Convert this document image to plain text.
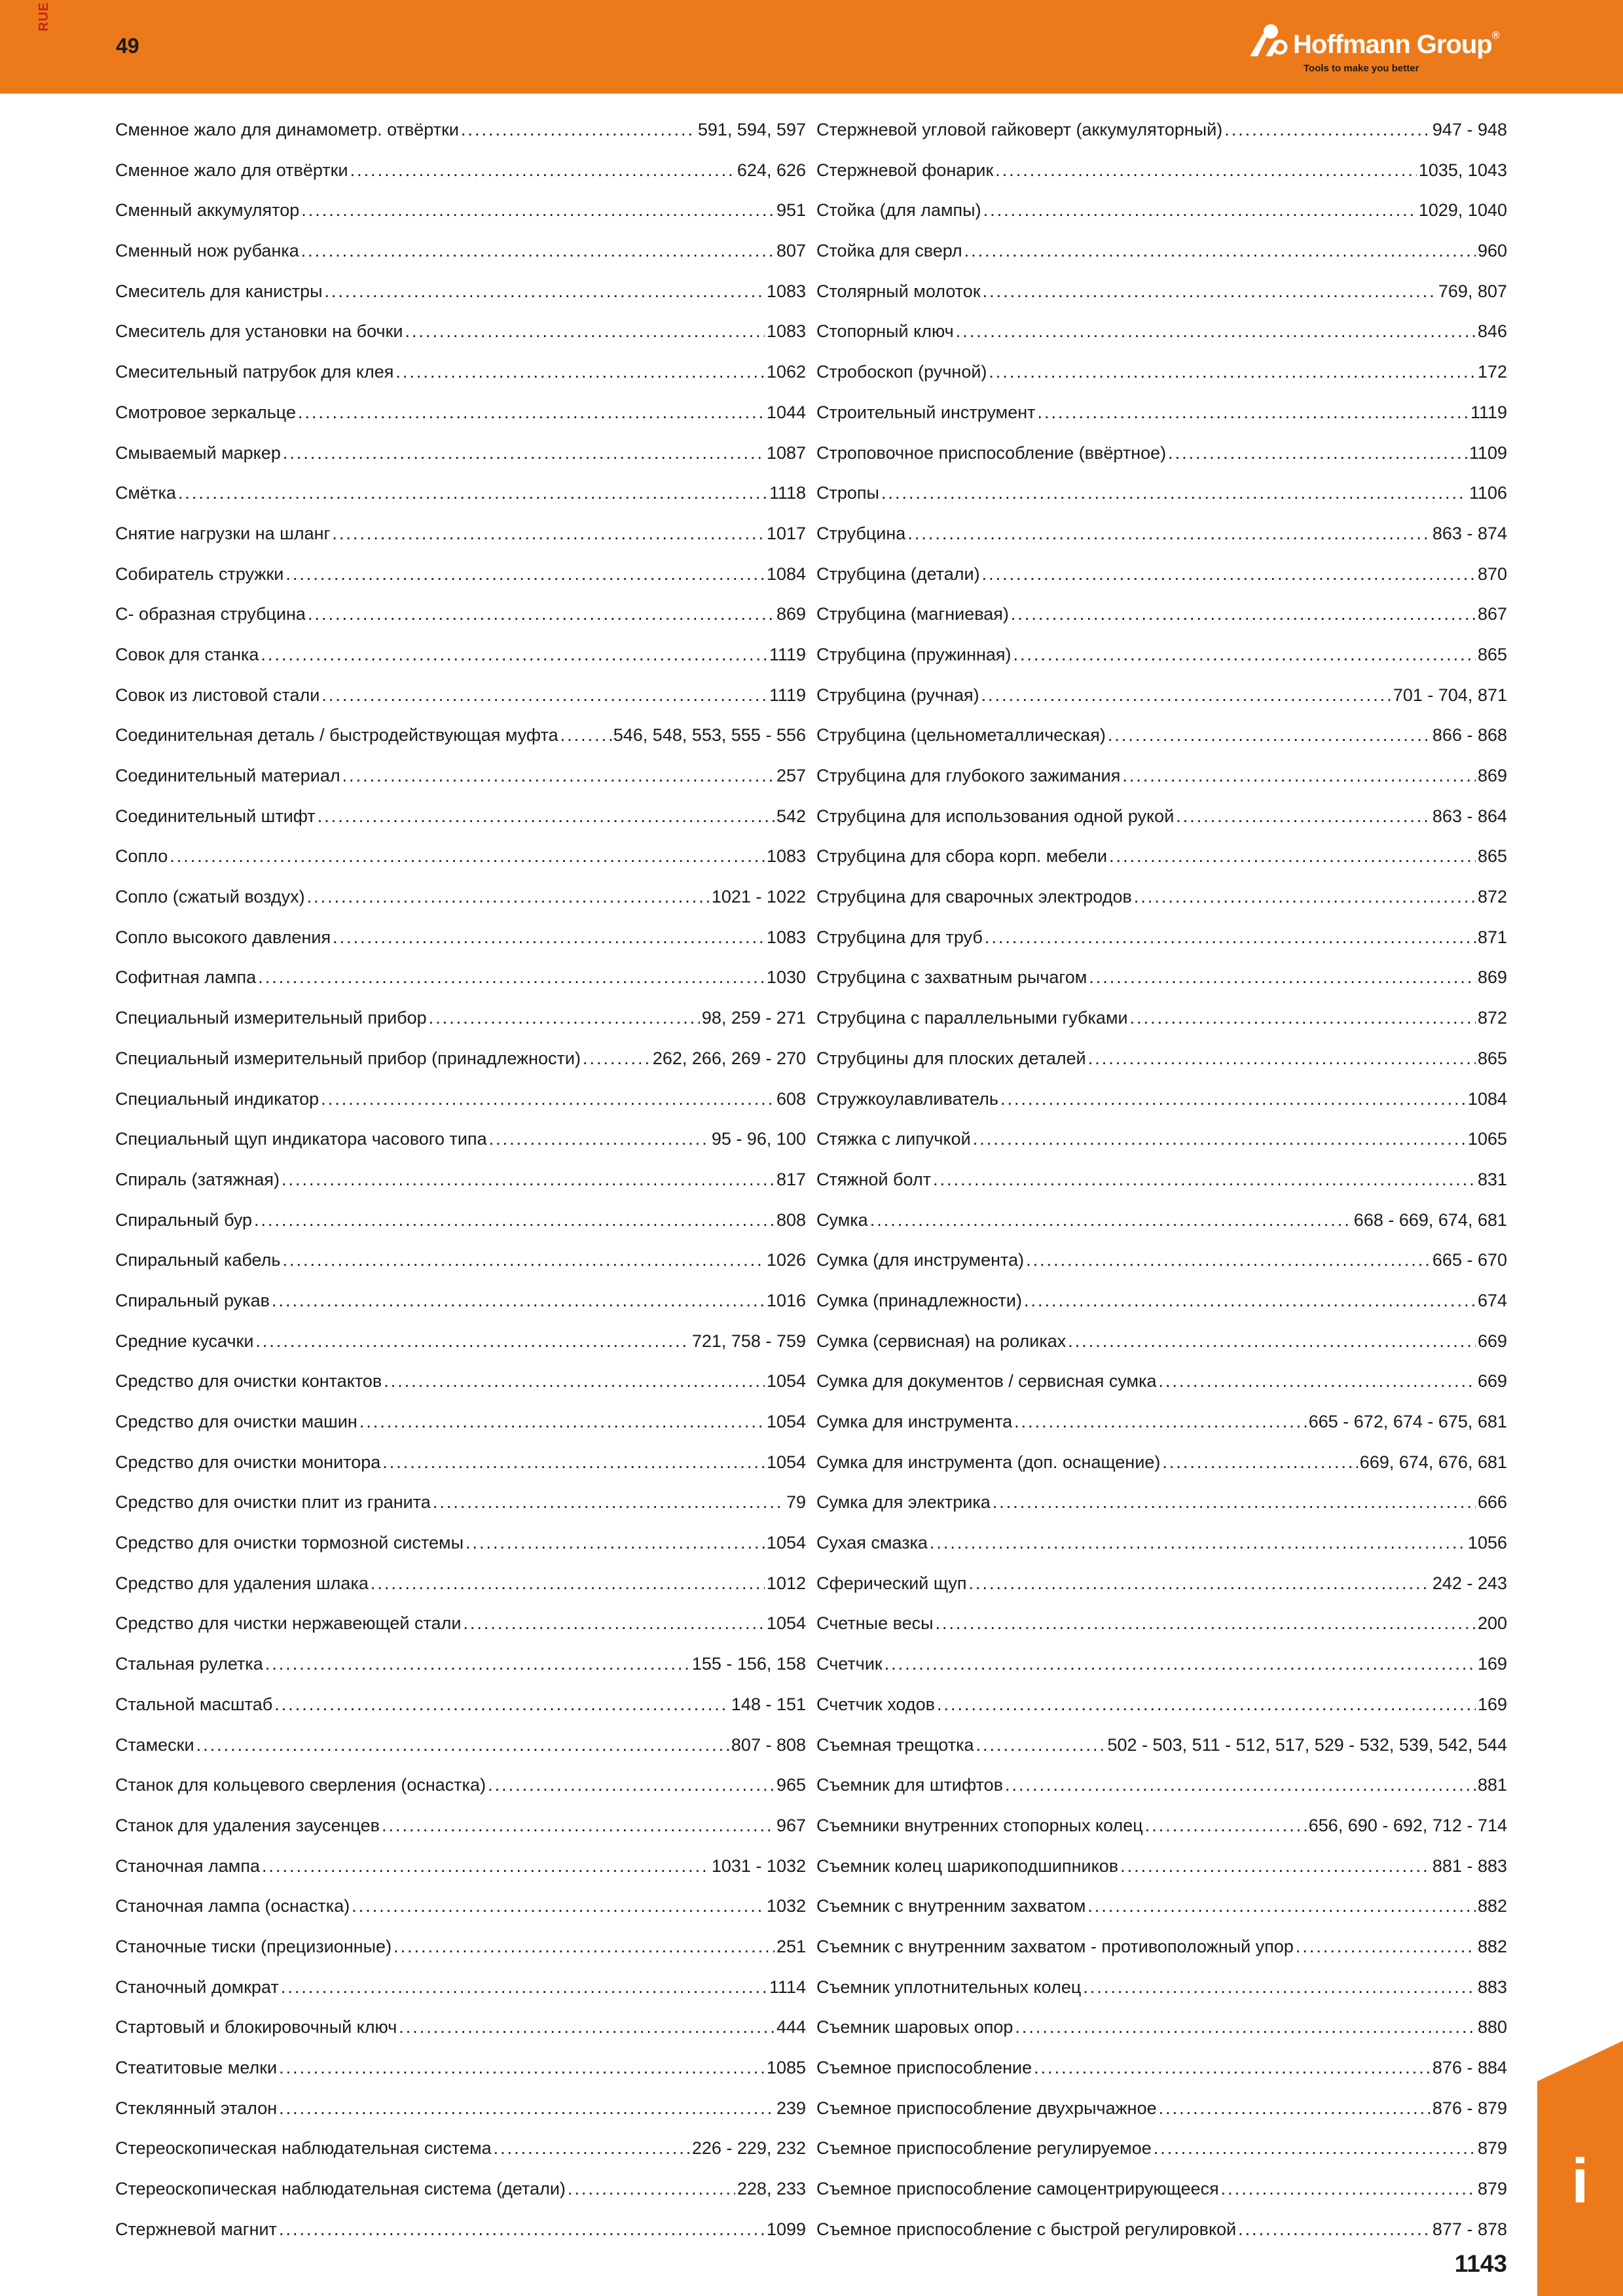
RUE
49	Hoffmann Group®
Tools to make you better
Сменное жало для динамометр. отвёртки .....	591, 594, 597
Сменное жало для отвёртки .....	624, 626
Сменный аккумулятор .....	951
Сменный нож рубанка .....	807
Смеситель для канистры .....	1083
Смеситель для установки на бочки .....	1083
Смесительный патрубок для клея .....	1062
Смотровое зеркальце .....	1044
Смываемый маркер .....	1087
Смётка .....	1118
Снятие нагрузки на шланг .....	1017
Собиратель стружки .....	1084
С- образная струбцина .....	869
Совок для станка .....	1119
Совок из листовой стали .....	1119
Соединительная деталь / быстродействующая муфта .....	546, 548, 553, 555 - 556
Соединительный материал .....	257
Соединительный штифт .....	542
Сопло .....	1083
Сопло (сжатый воздух) .....	1021 - 1022
Сопло высокого давления .....	1083
Софитная лампа .....	1030
Специальный измерительный прибор .....	98, 259 - 271
Специальный измерительный прибор (принадлежности) .....	262, 266, 269 - 270
Специальный индикатор .....	608
Специальный щуп индикатора часового типа .....	95 - 96, 100
Спираль (затяжная) .....	817
Спиральный бур .....	808
Спиральный кабель .....	1026
Спиральный рукав .....	1016
Средние кусачки .....	721, 758 - 759
Средство для очистки контактов .....	1054
Средство для очистки машин .....	1054
Средство для очистки монитора .....	1054
Средство для очистки плит из гранита .....	79
Средство для очистки тормозной системы .....	1054
Средство для удаления шлака .....	1012
Средство для чистки нержавеющей стали .....	1054
Стальная рулетка .....	155 - 156, 158
Стальной масштаб .....	148 - 151
Стамески .....	807 - 808
Станок для кольцевого сверления (оснастка) .....	965
Станок для удаления заусенцев .....	967
Станочная лампа .....	1031 - 1032
Станочная лампа (оснастка) .....	1032
Станочные тиски (прецизионные) .....	251
Станочный домкрат .....	1114
Стартовый и блокировочный ключ .....	444
Стеатитовые мелки .....	1085
Стеклянный эталон .....	239
Стереоскопическая наблюдательная система .....	226 - 229, 232
Стереоскопическая наблюдательная система (детали) .....	228, 233
Стержневой магнит .....	1099
Стержневой угловой гайковерт (аккумуляторный) .....	947 - 948
Стержневой фонарик .....	1035, 1043
Стойка (для лампы) .....	1029, 1040
Стойка для сверл .....	960
Столярный молоток .....	769, 807
Стопорный ключ .....	846
Стробоскоп (ручной) .....	172
Строительный инструмент .....	1119
Строповочное приспособление (ввёртное) .....	1109
Стропы .....	1106
Струбцина .....	863 - 874
Струбцина (детали) .....	870
Струбцина (магниевая) .....	867
Струбцина (пружинная) .....	865
Струбцина (ручная) .....	701 - 704, 871
Струбцина (цельнометаллическая) .....	866 - 868
Струбцина для глубокого зажимания .....	869
Струбцина для использования одной рукой .....	863 - 864
Струбцина для сбора корп. мебели .....	865
Струбцина для сварочных электродов .....	872
Струбцина для труб .....	871
Струбцина с захватным рычагом .....	869
Струбцина с параллельными губками .....	872
Струбцины для плоских деталей .....	865
Стружкоулавливатель .....	1084
Стяжка с липучкой .....	1065
Стяжной болт .....	831
Сумка .....	668 - 669, 674, 681
Сумка (для инструмента) .....	665 - 670
Сумка (принадлежности) .....	674
Сумка (сервисная) на роликах .....	669
Сумка для документов / сервисная сумка .....	669
Сумка для инструмента .....	665 - 672, 674 - 675, 681
Сумка для инструмента (доп. оснащение) .....	669, 674, 676, 681
Сумка для электрика .....	666
Сухая смазка .....	1056
Сферический щуп .....	242 - 243
Счетные весы .....	200
Счетчик .....	169
Счетчик ходов .....	169
Съемная трещотка .....	502 - 503, 511 - 512, 517, 529 - 532, 539, 542, 544
Съемник для штифтов .....	881
Съемники внутренних стопорных колец .....	656, 690 - 692, 712 - 714
Съемник колец шарикоподшипников .....	881 - 883
Съемник с внутренним захватом .....	882
Съемник с внутренним захватом - противоположный упор .....	882
Съемник уплотнительных колец .....	883
Съемник шаровых опор .....	880
Съемное приспособление .....	876 - 884
Съемное приспособление двухрычажное .....	876 - 879
Съемное приспособление регулируемое .....	879
Съемное приспособление самоцентрирующееся .....	879
Съемное приспособление с быстрой регулировкой .....	877 - 878
i
1143
